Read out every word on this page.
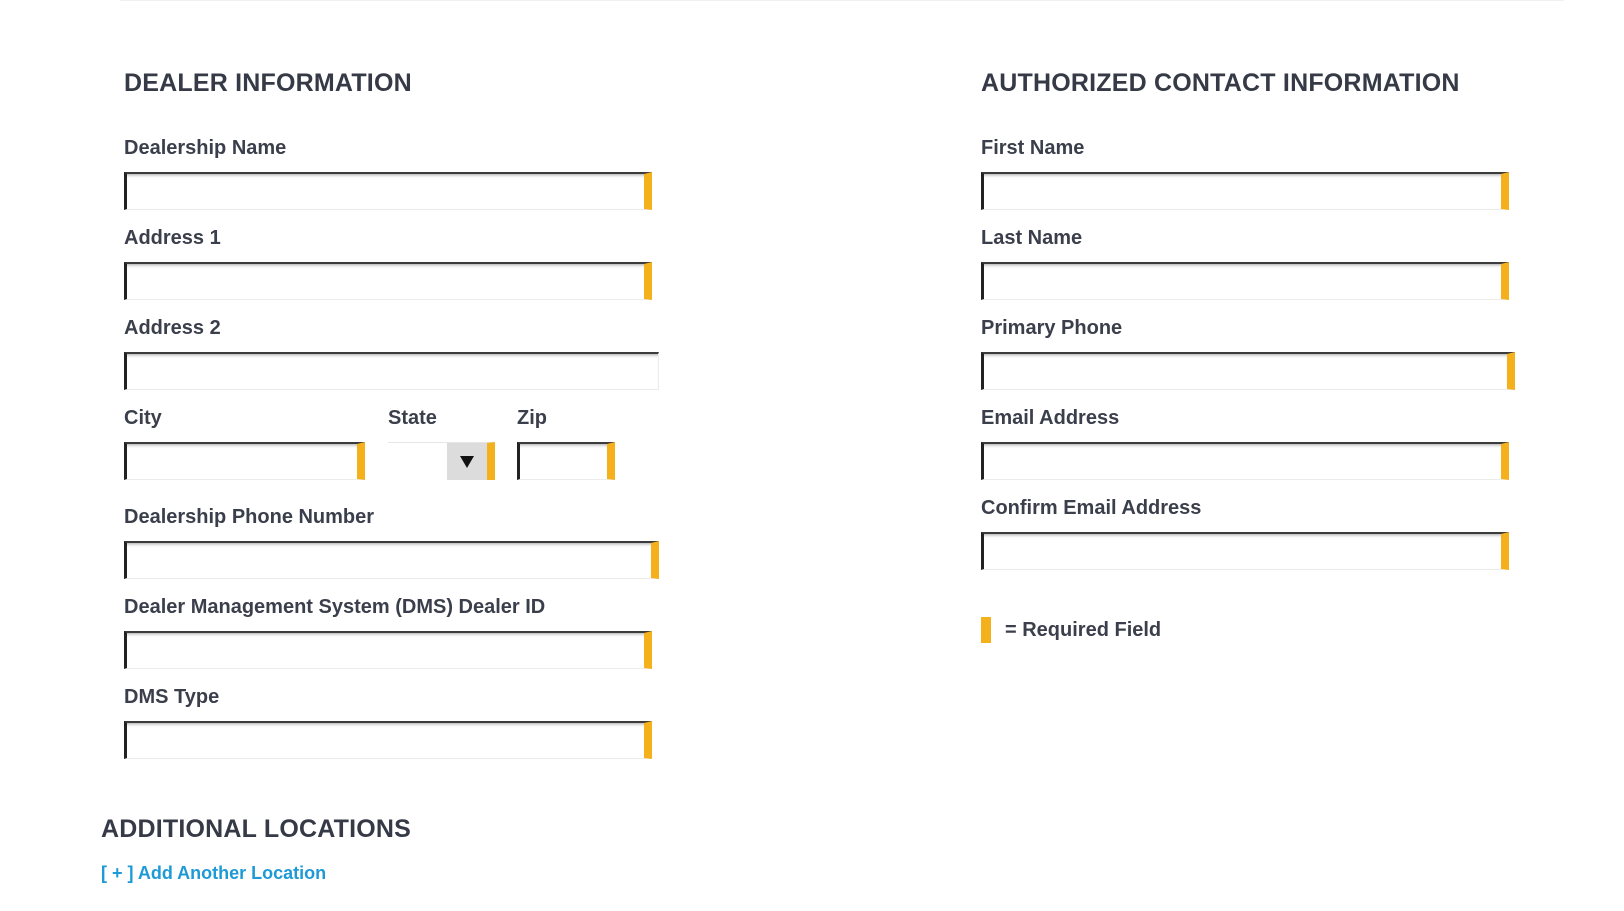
DEALER INFORMATION
Dealership Name
Address 1
Address 2
City	State	Zip
Dealership Phone Number
Dealer Management System (DMS) Dealer ID
DMS Type
AUTHORIZED CONTACT INFORMATION
First Name
Last Name
Primary Phone
Email Address
Confirm Email Address
= Required Field
ADDITIONAL LOCATIONS
[ + ] Add Another Location
